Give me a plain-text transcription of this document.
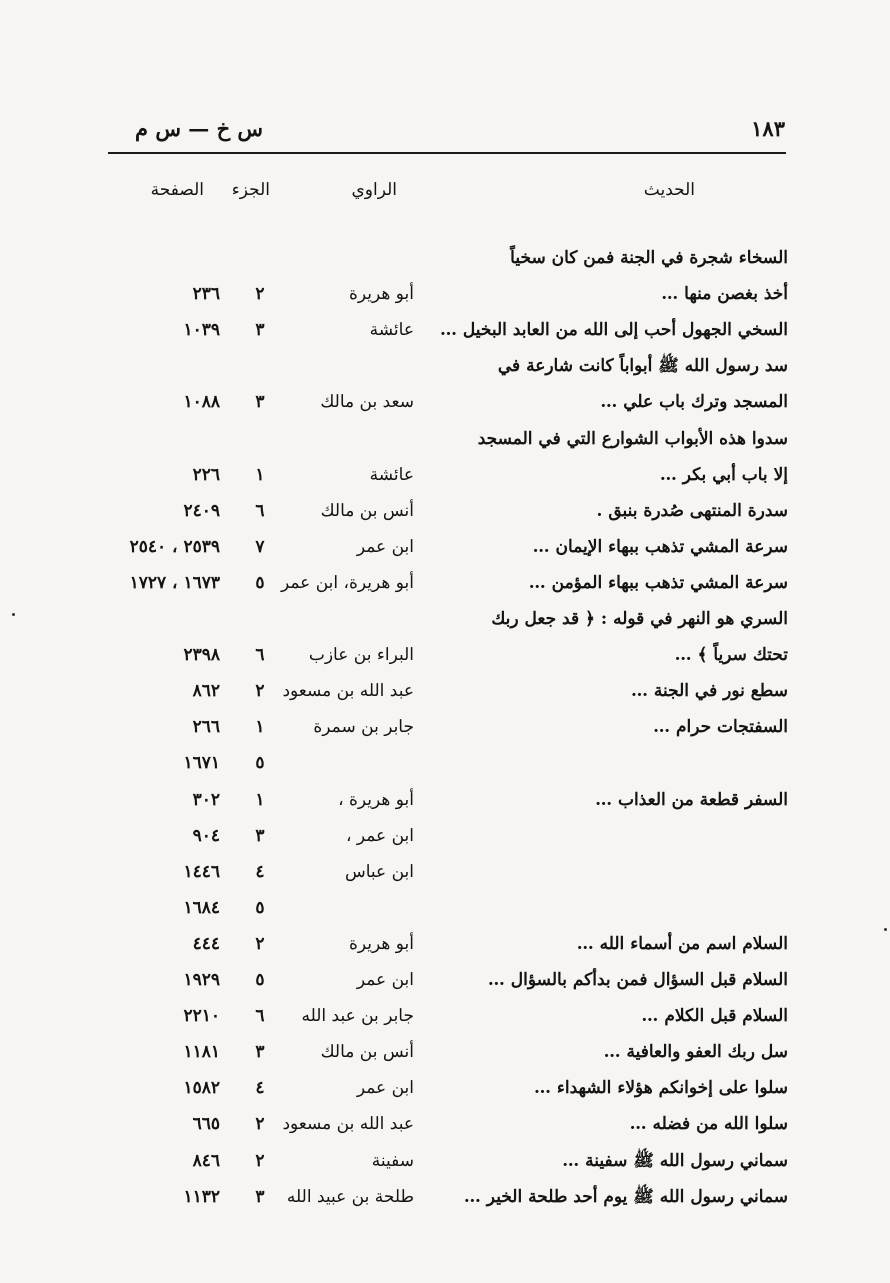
١٨٣
س خ — س م
الحديث
الراوي
الجزء
الصفحة
السخاء شجرة في الجنة فمن كان سخياً
أخذ بغصن منها …
أبو هريرة
٢
٢٣٦
السخي الجهول أحب إلى الله من العابد البخيل …
عائشة
٣
١٠٣٩
سد رسول الله ﷺ أبواباً كانت شارعة في
المسجد وترك باب علي …
سعد بن مالك
٣
١٠٨٨
سدوا هذه الأبواب الشوارع التي في المسجد
إلا باب أبي بكر …
عائشة
١
٢٢٦
سدرة المنتهى صُدرة بنبق .
أنس بن مالك
٦
٢٤٠٩
سرعة المشي تذهب ببهاء الإيمان …
ابن عمر
٧
٢٥٣٩ ، ٢٥٤٠
سرعة المشي تذهب ببهاء المؤمن …
أبو هريرة، ابن عمر
٥
١٦٧٣ ، ١٧٢٧
السري هو النهر في قوله : ﴿ قد جعل ربك
تحتك سرياً ﴾ …
البراء بن عازب
٦
٢٣٩٨
سطع نور في الجنة …
عبد الله بن مسعود
٢
٨٦٢
السفتجات حرام …
جابر بن سمرة
١
٢٦٦
٥
١٦٧١
السفر قطعة من العذاب …
أبو هريرة ،
١
٣٠٢
ابن عمر ،
٣
٩٠٤
ابن عباس
٤
١٤٤٦
٥
١٦٨٤
السلام اسم من أسماء الله …
أبو هريرة
٢
٤٤٤
السلام قبل السؤال فمن بدأكم بالسؤال …
ابن عمر
٥
١٩٢٩
السلام قبل الكلام …
جابر بن عبد الله
٦
٢٢١٠
سل ربك العفو والعافية …
أنس بن مالك
٣
١١٨١
سلوا على إخوانكم هؤلاء الشهداء …
ابن عمر
٤
١٥٨٢
سلوا الله من فضله …
عبد الله بن مسعود
٢
٦٦٥
سماني رسول الله ﷺ سفينة …
سفينة
٢
٨٤٦
سماني رسول الله ﷺ يوم أحد طلحة الخير …
طلحة بن عبيد الله
٣
١١٣٢
